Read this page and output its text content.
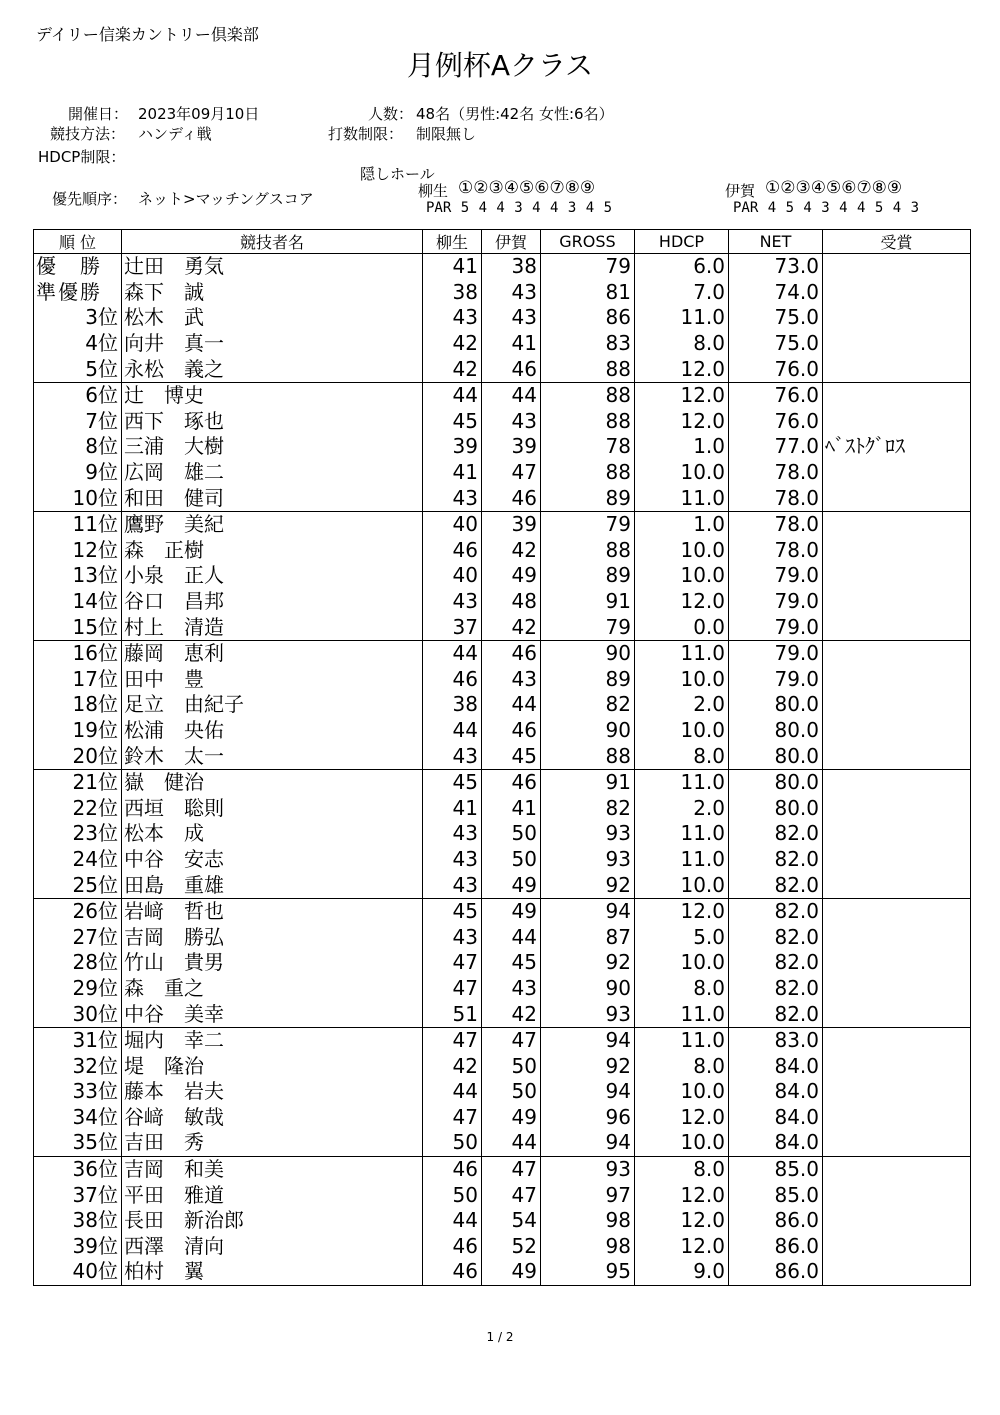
デイリー信楽カントリー倶楽部
月例杯Aクラス
開催日： 2023年09月10日	人数： 48名（男性:42名 女性:6名）
競技方法： ハンディ戦	打数制限： 制限無し
HDCP制限：
隠しホール
優先順序： ネット>マッチングスコア	柳生 ①②③④⑤⑥⑦⑧⑨
PAR 5 4 4 3 4 4 3 4 5
伊賀 ①②③④⑤⑥⑦⑧⑨
PAR 4 5 4 3 4 4 5 4 3
順 位	競技者名	柳生	伊賀	GROSS	HDCP	NET	受賞
優　勝	辻田　勇気	41	38	79	6.0	73.0	
準優勝	森下　誠	38	43	81	7.0	74.0	
3位	松木　武	43	43	86	11.0	75.0	
4位	向井　真一	42	41	83	8.0	75.0	
5位	永松　義之	42	46	88	12.0	76.0	
6位	辻　博史	44	44	88	12.0	76.0	
7位	西下　琢也	45	43	88	12.0	76.0	
8位	三浦　大樹	39	39	78	1.0	77.0	ﾍﾞｽﾄｸﾞﾛｽ
9位	広岡　雄二	41	47	88	10.0	78.0	
10位	和田　健司	43	46	89	11.0	78.0	
11位	鷹野　美紀	40	39	79	1.0	78.0	
12位	森　正樹	46	42	88	10.0	78.0	
13位	小泉　正人	40	49	89	10.0	79.0	
14位	谷口　昌邦	43	48	91	12.0	79.0	
15位	村上　清造	37	42	79	0.0	79.0	
16位	藤岡　恵利	44	46	90	11.0	79.0	
17位	田中　豊	46	43	89	10.0	79.0	
18位	足立　由紀子	38	44	82	2.0	80.0	
19位	松浦　央佑	44	46	90	10.0	80.0	
20位	鈴木　太一	43	45	88	8.0	80.0	
21位	嶽　健治	45	46	91	11.0	80.0	
22位	西垣　聡則	41	41	82	2.0	80.0	
23位	松本　成	43	50	93	11.0	82.0	
24位	中谷　安志	43	50	93	11.0	82.0	
25位	田島　重雄	43	49	92	10.0	82.0	
26位	岩﨑　哲也	45	49	94	12.0	82.0	
27位	吉岡　勝弘	43	44	87	5.0	82.0	
28位	竹山　貴男	47	45	92	10.0	82.0	
29位	森　重之	47	43	90	8.0	82.0	
30位	中谷　美幸	51	42	93	11.0	82.0	
31位	堀内　幸二	47	47	94	11.0	83.0	
32位	堤　隆治	42	50	92	8.0	84.0	
33位	藤本　岩夫	44	50	94	10.0	84.0	
34位	谷﨑　敏哉	47	49	96	12.0	84.0	
35位	吉田　秀	50	44	94	10.0	84.0	
36位	吉岡　和美	46	47	93	8.0	85.0	
37位	平田　雅道	50	47	97	12.0	85.0	
38位	長田　新治郎	44	54	98	12.0	86.0	
39位	西澤　清向	46	52	98	12.0	86.0	
40位	柏村　翼	46	49	95	9.0	86.0	
1 / 2
